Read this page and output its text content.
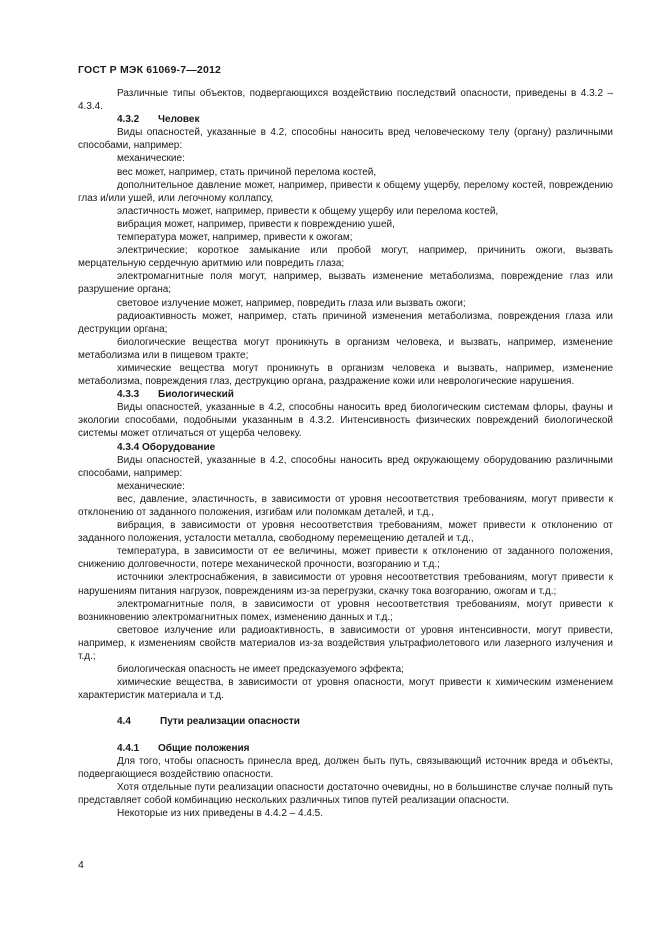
ГОСТ Р МЭК 61069-7—2012

Различные типы объектов, подвергающихся воздействию последствий опасности, приведены в 4.3.2 – 4.3.4.

4.3.2 Человек

Виды опасностей, указанные в 4.2, способны наносить вред человеческому телу (органу) различными способами, например:

механические:

вес может, например, стать причиной перелома костей,

дополнительное давление может, например, привести к общему ущербу, перелому костей, повреждению глаз и/или ушей, или легочному коллапсу,

эластичность может, например, привести к общему ущербу или перелома костей,

вибрация может, например, привести к повреждению ушей,

температура может, например, привести к ожогам;

электрические; короткое замыкание или пробой могут, например, причинить ожоги, вызвать мерцательную сердечную аритмию или повредить глаза;

электромагнитные поля могут, например, вызвать изменение метаболизма, повреждение глаз или разрушение органа;

световое излучение может, например, повредить глаза или вызвать ожоги;

радиоактивность может, например, стать причиной изменения метаболизма, повреждения глаза или деструкции органа;

биологические вещества могут проникнуть в организм человека, и вызвать, например, изменение метаболизма или в пищевом тракте;

химические вещества могут проникнуть в организм человека и вызвать, например, изменение метаболизма, повреждения глаз, деструкцию органа, раздражение кожи или неврологические нарушения.

4.3.3 Биологический

Виды опасностей, указанные в 4.2, способны наносить вред биологическим системам флоры, фауны и экологии способами, подобными указанным в 4.3.2. Интенсивность физических повреждений биологической системы может отличаться от ущерба человеку.

4.3.4 Оборудование

Виды опасностей, указанные в 4.2, способны наносить вред окружающему оборудованию различными способами, например:

механические:

вес, давление, эластичность, в зависимости от уровня несоответствия требованиям, могут привести к отклонению от заданного положения, изгибам или поломкам деталей, и т.д.,

вибрация, в зависимости от уровня несоответствия требованиям, может привести к отклонению от заданного положения, усталости металла, свободному перемещению деталей и т.д.,

температура, в зависимости от ее величины, может привести к отклонению от заданного положения, снижению долговечности, потере механической прочности, возгоранию и т.д.;

источники электроснабжения, в зависимости от уровня несоответствия требованиям, могут привести к нарушениям питания нагрузок, повреждениям из-за перегрузки, скачку тока возгоранию, ожогам и т.д.;

электромагнитные поля, в зависимости от уровня несоответствия требованиям, могут привести к возникновению электромагнитных помех, изменению данных и т.д.;

световое излучение или радиоактивность, в зависимости от уровня интенсивности, могут привести, например, к изменениям свойств материалов из-за воздействия ультрафиолетового или лазерного излучения и т.д.;

биологическая опасность не имеет предсказуемого эффекта;

химические вещества, в зависимости от уровня опасности, могут привести к химическим изменением характеристик материала и т.д.

4.4	Пути реализации опасности

4.4.1 Общие положения

Для того, чтобы опасность принесла вред, должен быть путь, связывающий источник вреда и объекты, подвергающиеся воздействию опасности.

Хотя отдельные пути реализации опасности достаточно очевидны, но в большинстве случае полный путь представляет собой комбинацию нескольких различных типов путей реализации опасности.

Некоторые из них приведены в 4.4.2 – 4.4.5.

4
